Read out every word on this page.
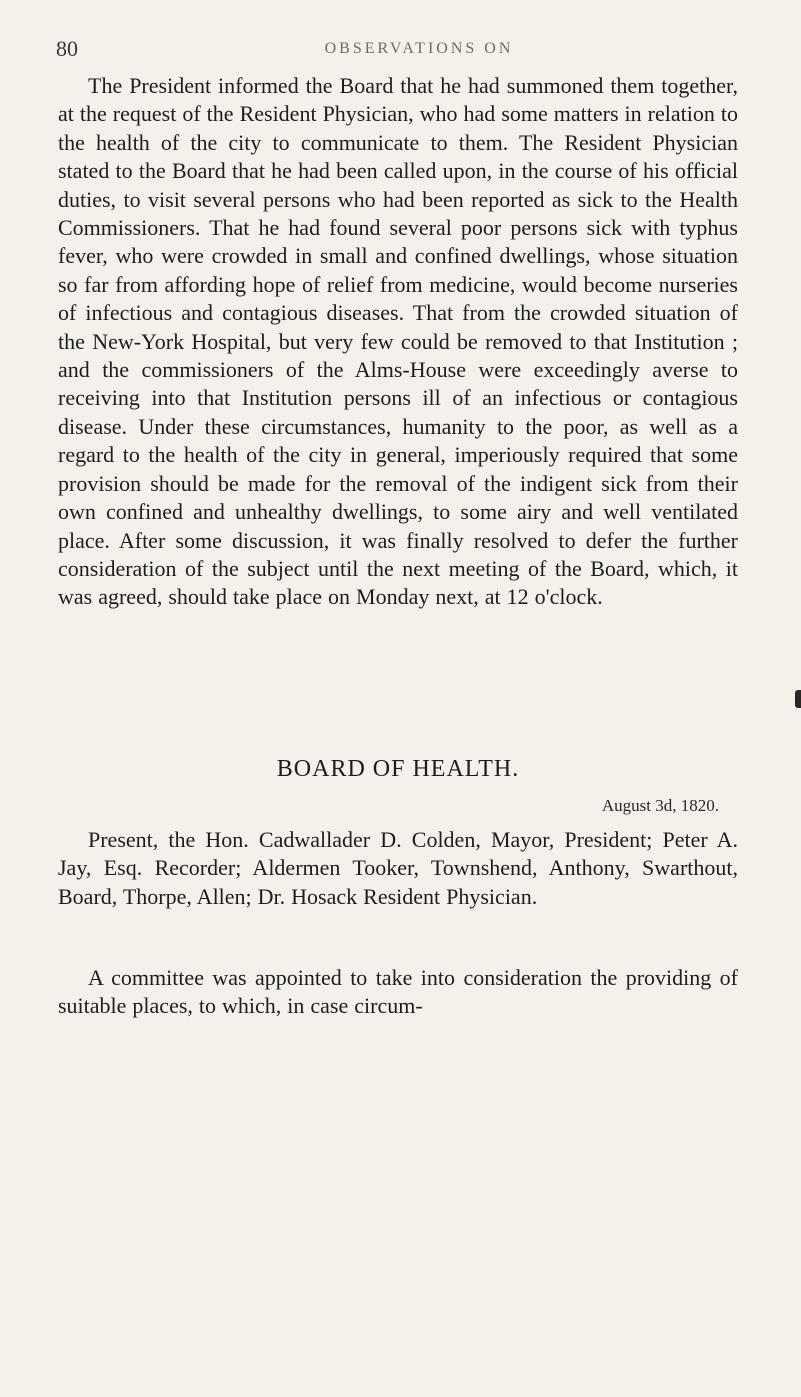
80	OBSERVATIONS ON

The President informed the Board that he had summoned them together, at the request of the Resident Physician, who had some matters in relation to the health of the city to communicate to them. The Resident Physician stated to the Board that he had been called upon, in the course of his official duties, to visit several persons who had been reported as sick to the Health Commissioners. That he had found several poor persons sick with typhus fever, who were crowded in small and confined dwellings, whose situation so far from affording hope of relief from medicine, would become nurseries of infectious and contagious diseases. That from the crowded situation of the New-York Hospital, but very few could be removed to that Institution ; and the commissioners of the Alms-House were exceedingly averse to receiving into that Institution persons ill of an infectious or contagious disease. Under these circumstances, humanity to the poor, as well as a regard to the health of the city in general, imperiously required that some provision should be made for the removal of the indigent sick from their own confined and unhealthy dwellings, to some airy and well ventilated place. After some discussion, it was finally resolved to defer the further consideration of the subject until the next meeting of the Board, which, it was agreed, should take place on Monday next, at 12 o'clock.

BOARD OF HEALTH.
August 3d, 1820.

Present, the Hon. Cadwallader D. Colden, Mayor, President; Peter A. Jay, Esq. Recorder; Aldermen Tooker, Townshend, Anthony, Swarthout, Board, Thorpe, Allen; Dr. Hosack Resident Physician.

A committee was appointed to take into consideration the providing of suitable places, to which, in case circum-
